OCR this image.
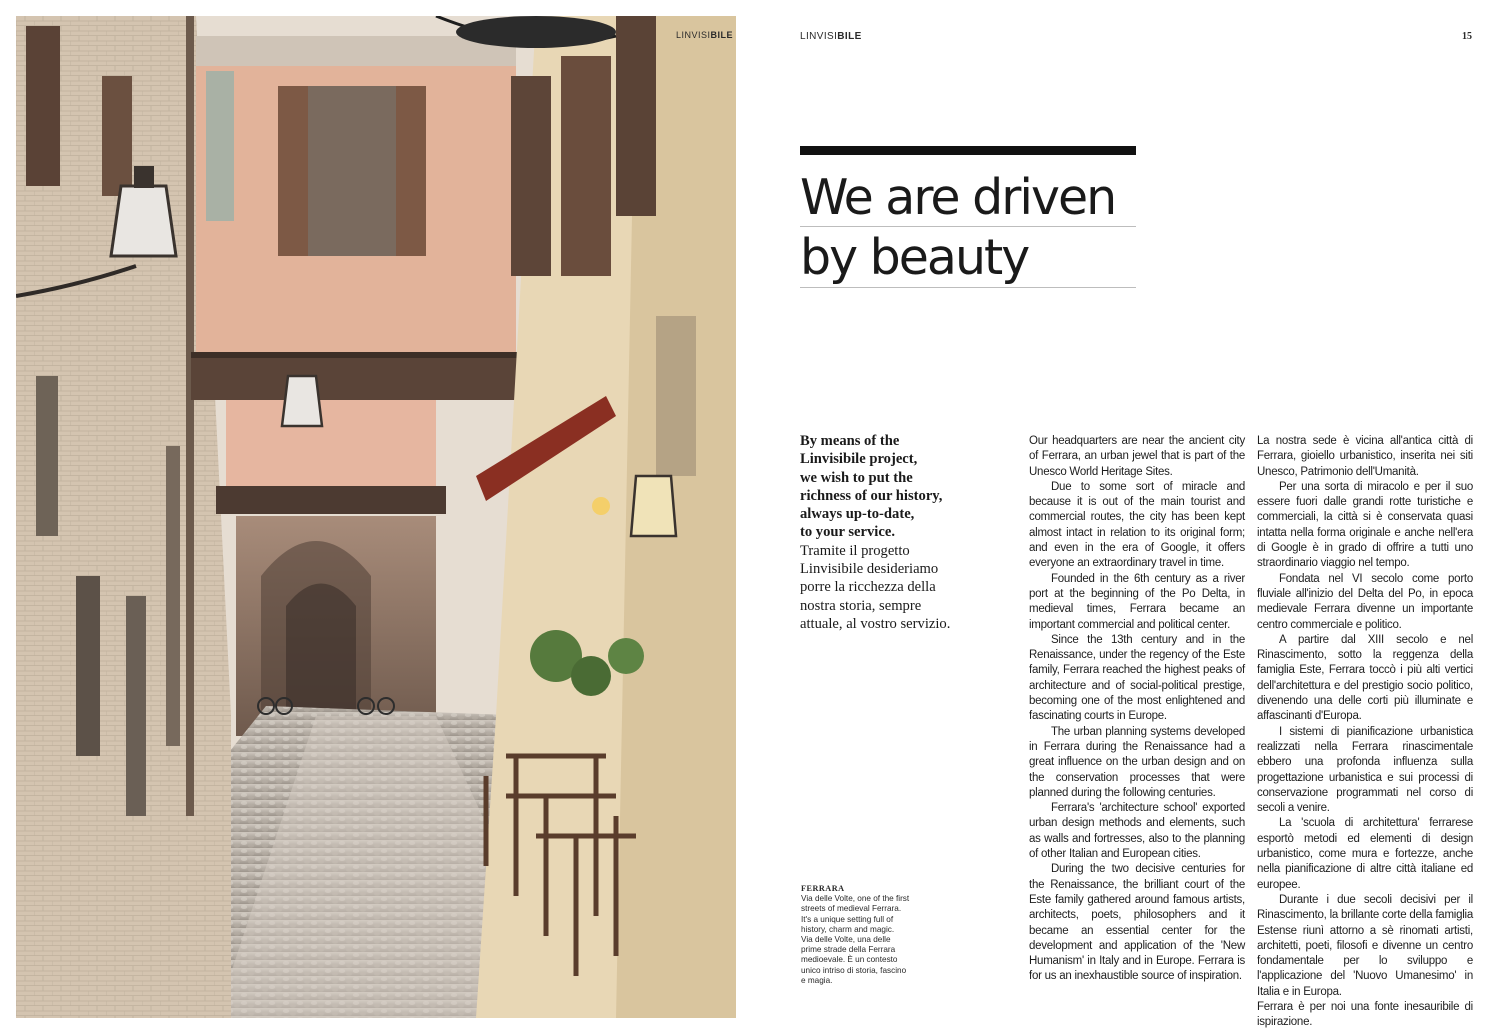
LINVISIBILE	LINVISIBILE	15
We are driven
by beauty
By means of the
Linvisibile project,
we wish to put the
richness of our history,
always up-to-date,
to your service.
Tramite il progetto
Linvisibile desideriamo
porre la ricchezza della
nostra storia, sempre
attuale, al vostro servizio.
FERRARA
Via delle Volte, one of the first streets of medieval Ferrara. It's a unique setting full of history, charm and magic.
Via delle Volte, una delle prime strade della Ferrara medioevale. È un contesto unico intriso di storia, fascino e magia.

Our headquarters are near the ancient city of Ferrara, an urban jewel that is part of the Unesco World Heritage Sites.

Due to some sort of miracle and because it is out of the main tourist and commercial routes, the city has been kept almost intact in relation to its original form; and even in the era of Google, it offers everyone an extraordinary travel in time.

Founded in the 6th century as a river port at the beginning of the Po Delta, in medieval times, Ferrara became an important commercial and political center.

Since the 13th century and in the Renaissance, under the regency of the Este family, Ferrara reached the highest peaks of architecture and of social-political prestige, becoming one of the most enlightened and fascinating courts in Europe.

The urban planning systems developed in Ferrara during the Renaissance had a great influence on the urban design and on the conservation processes that were planned during the following centuries.

Ferrara's 'architecture school' exported urban design methods and elements, such as walls and fortresses, also to the planning of other Italian and European cities.

During the two decisive centuries for the Renaissance, the brilliant court of the Este family gathered around famous artists, architects, poets, philosophers and it became an essential center for the development and application of the 'New Humanism' in Italy and in Europe. Ferrara is for us an inexhaustible source of inspiration.

La nostra sede è vicina all'antica città di Ferrara, gioiello urbanistico, inserita nei siti Unesco, Patrimonio dell'Umanità.

Per una sorta di miracolo e per il suo essere fuori dalle grandi rotte turistiche e commerciali, la città si è conservata quasi intatta nella forma originale e anche nell'era di Google è in grado di offrire a tutti uno straordinario viaggio nel tempo.

Fondata nel VI secolo come porto fluviale all'inizio del Delta del Po, in epoca medievale Ferrara divenne un importante centro commerciale e politico.

A partire dal XIII secolo e nel Rinascimento, sotto la reggenza della famiglia Este, Ferrara toccò i più alti vertici dell'architettura e del prestigio socio politico, divenendo una delle corti più illuminate e affascinanti d'Europa.

I sistemi di pianificazione urbanistica realizzati nella Ferrara rinascimentale ebbero una profonda influenza sulla progettazione urbanistica e sui processi di conservazione programmati nel corso di secoli a venire.

La 'scuola di architettura' ferrarese esportò metodi ed elementi di design urbanistico, come mura e fortezze, anche nella pianificazione di altre città italiane ed europee.

Durante i due secoli decisivi per il Rinascimento, la brillante corte della famiglia Estense riunì attorno a sè rinomati artisti, architetti, poeti, filosofi e divenne un centro fondamentale per lo sviluppo e l'applicazione del 'Nuovo Umanesimo' in Italia e in Europa.

Ferrara è per noi una fonte inesauribile di ispirazione.
